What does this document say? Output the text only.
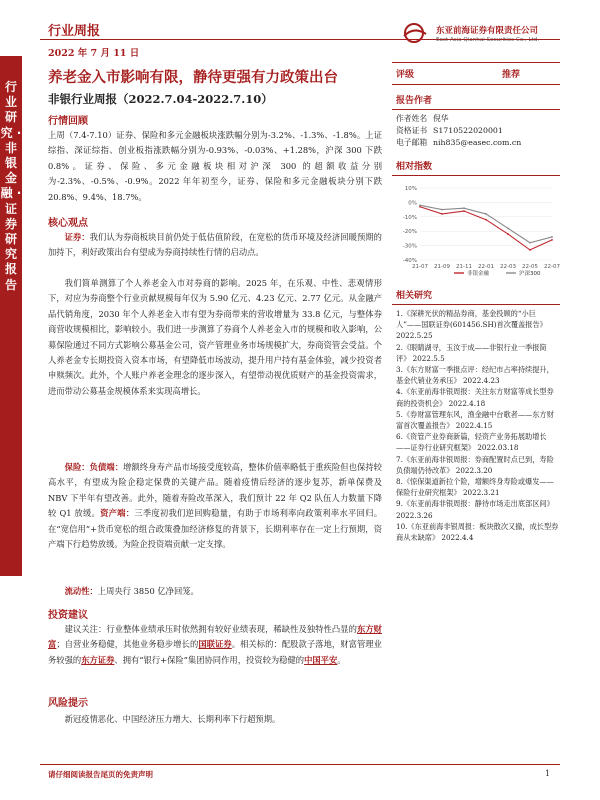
行业研究 · 非银金融 · 证券研究报告
行业周报	东亚前海证券有限责任公司
East Asia Qianhai Securities Co., Ltd.
2022 年 7 月 11 日
养老金入市影响有限，静待更强有力政策出台
非银行业周报（2022.7.04-2022.7.10）
行情回顾
上周（7.4-7.10）证券、保险和多元金融板块涨跌幅分别为-3.2%、-1.3%、-1.8%。上证综指、深证综指、创业板指涨跌幅分别为-0.93%、-0.03%、+1.28%，沪深 300 下跌 0.8%。证券、保险、多元金融板块相对沪深 300 的超额收益分别为-2.3%、-0.5%、-0.9%。2022 年年初至今，证券、保险和多元金融板块分别下跌 20.8%、9.4%、18.7%。
核心观点
证券：我们认为券商板块目前仍处于低估值阶段，在宽松的货币环境及经济回暖预期的加持下，利好政策出台有望成为券商持续性行情的启动点。
我们简单测算了个人养老金入市对券商的影响。2025 年，在乐观、中性、悲观情形下，对应为券商整个行业贡献规模每年仅为 5.90 亿元、4.23 亿元、2.77 亿元。从金融产品代销角度，2030 年个人养老金入市有望为券商带来的营收增量为 33.8 亿元，与整体券商营收规模相比，影响较小。我们进一步测算了券商个人养老金入市的规模和收入影响，公募保险通过不同方式影响公募基金公司，资产管理业务市场规模扩大，券商资管会受益。个人养老金专长期投资入资本市场，有望降低市场波动，提升用户持有基金体验，减少投资者申赎频次。此外，个人账户养老金理念的逐步深入，有望带动视优质财产的基金投资需求，进而带动公募基金规模体系来实现高增长。
保险：负债端：增额终身寿产品市场接受度较高，整体价值率略低于重疾险但也保持较高水平，有望成为险企稳定保费的关键产品。随着疫情后经济的逐步复苏，新单保费及 NBV 下半年有望改善。此外，随着寿险改革深入，我们预计 22 年 Q2 队伍人力数量下降较 Q1 放缓。资产端：三季度初我们逆回购稳量，有助于市场利率向政策利率水平回归。在“宽信用”+货币宽松的组合政策叠加经济修复的背景下，长期利率存在一定上行预期，资产端下行趋势放缓。为险企投资端贡献一定支撑。
流动性：上周央行 3850 亿净回笼。
投资建议
建议关注：行业整体业绩承压时依然拥有较好业绩表现，稀缺性及独特性凸显的东方财富；自营业务稳健，其他业务稳步增长的国联证券。相关标的：配股款子落地，财富管理业务较强的东方证券、拥有“银行+保险”集团协同作用，投资较为稳健的中国平安。
风险提示
新冠疫情恶化、中国经济压力增大、长期利率下行超预期。
评级	推荐
报告作者
作者姓名 倪华
资格证书 S1710522020001
电子邮箱 nih835@easec.com.cn
相对指数
10%
0%
-10%
-20%
-30%
-40%
21-07 21-09 21-11 22-01 22-03 22-05 22-07
非银金融	沪深300
相关研究
1.《深耕光伏的精品券商，基金投顾的“小巨人”——国联证券(601456.SH)首次覆盖报告》 2022.5.25
2.《眼睛湖寻，玉汝于成——非银行业一季报简评》 2022.5.5
3.《东方财富一季报点评：经纪市占率持续提升，基金代销业务承压》 2022.4.23
4.《东亚前海非银周报：关注东方财富等成长型券商的投资机会》 2022.4.18
5.《券财富管理东风，渔金融中台歌者——东方财富首次覆盖报告》 2022.4.15
6.《资管产业券商新篇，轻资产业务拓展助增长——证券行业研究框架》 2022.03.18
7.《东亚前海非银周报：券商配置时点已到，寿险负债端仍待改革》 2022.3.20
8.《惊保渠道新拉个险，增额终身寿险或爆发——保险行业研究框架》 2022.3.21
9.《东亚前海非银周报：静待市场走出底部区间》 2022.3.26
10.《东亚前海非银周报：板块散次又撤，成长型券商从未缺席》 2022.4.4
请仔细阅读报告尾页的免责声明	1
